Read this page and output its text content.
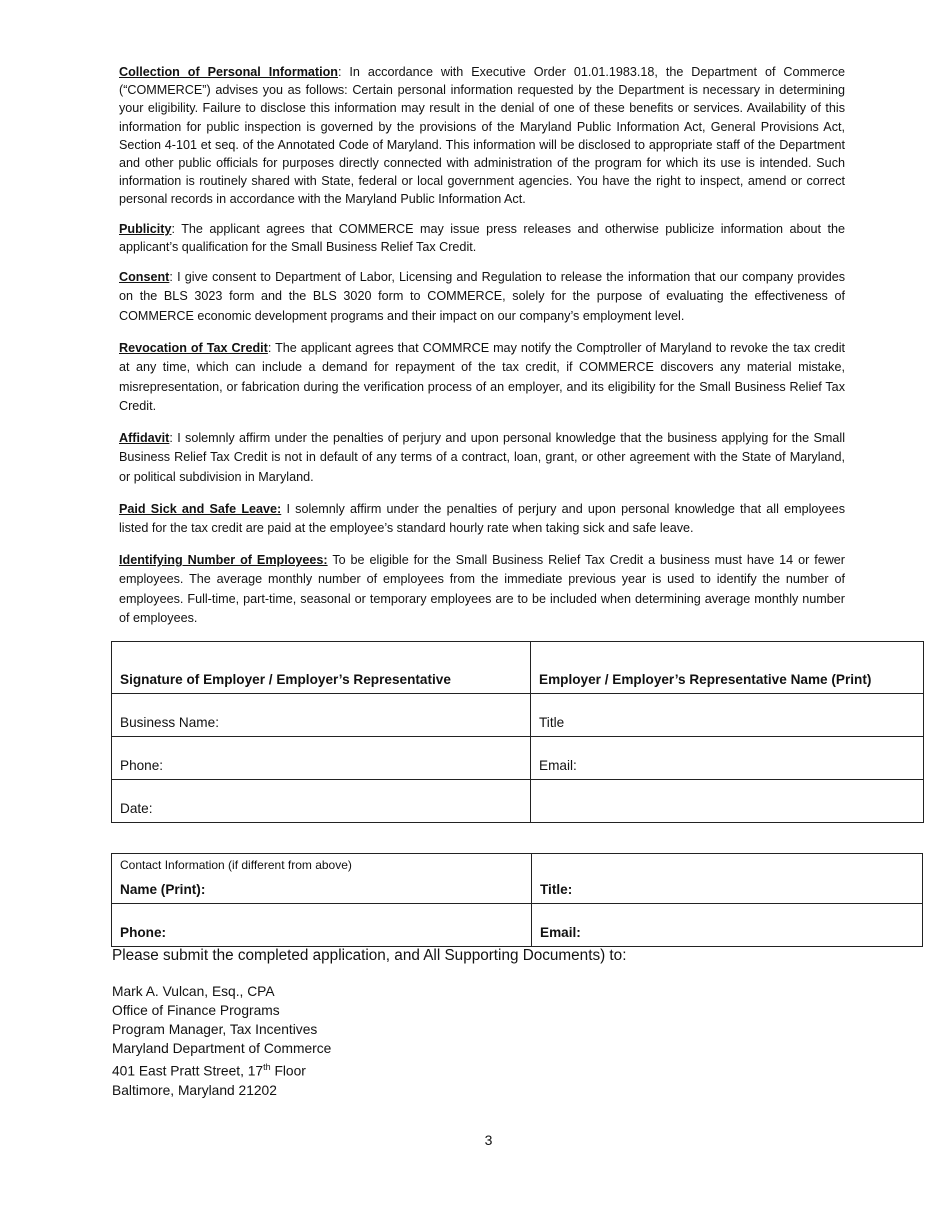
Collection of Personal Information: In accordance with Executive Order 01.01.1983.18, the Department of Commerce (“COMMERCE”) advises you as follows: Certain personal information requested by the Department is necessary in determining your eligibility. Failure to disclose this information may result in the denial of one of these benefits or services. Availability of this information for public inspection is governed by the provisions of the Maryland Public Information Act, General Provisions Act, Section 4-101 et seq. of the Annotated Code of Maryland. This information will be disclosed to appropriate staff of the Department and other public officials for purposes directly connected with administration of the program for which its use is intended. Such information is routinely shared with State, federal or local government agencies. You have the right to inspect, amend or correct personal records in accordance with the Maryland Public Information Act.

Publicity: The applicant agrees that COMMERCE may issue press releases and otherwise publicize information about the applicant’s qualification for the Small Business Relief Tax Credit.

Consent: I give consent to Department of Labor, Licensing and Regulation to release the information that our company provides on the BLS 3023 form and the BLS 3020 form to COMMERCE, solely for the purpose of evaluating the effectiveness of COMMERCE economic development programs and their impact on our company’s employment level.

Revocation of Tax Credit: The applicant agrees that COMMRCE may notify the Comptroller of Maryland to revoke the tax credit at any time, which can include a demand for repayment of the tax credit, if COMMERCE discovers any material mistake, misrepresentation, or fabrication during the verification process of an employer, and its eligibility for the Small Business Relief Tax Credit.

Affidavit: I solemnly affirm under the penalties of perjury and upon personal knowledge that the business applying for the Small Business Relief Tax Credit is not in default of any terms of a contract, loan, grant, or other agreement with the State of Maryland, or political subdivision in Maryland.

Paid Sick and Safe Leave: I solemnly affirm under the penalties of perjury and upon personal knowledge that all employees listed for the tax credit are paid at the employee’s standard hourly rate when taking sick and safe leave.

Identifying Number of Employees: To be eligible for the Small Business Relief Tax Credit a business must have 14 or fewer employees. The average monthly number of employees from the immediate previous year is used to identify the number of employees. Full-time, part-time, seasonal or temporary employees are to be included when determining average monthly number of employees.

Signature of Employer / Employer’s Representative	Employer / Employer’s Representative Name (Print)
Business Name:	Title
Phone:	Email:
Date:	
Contact Information (if different from above)
Name (Print):	Title:
Phone:	Email:
Please submit the completed application, and All Supporting Documents) to:
Mark A. Vulcan, Esq., CPA
Office of Finance Programs
Program Manager, Tax Incentives
Maryland Department of Commerce
401 East Pratt Street, 17th Floor
Baltimore, Maryland 21202
3
